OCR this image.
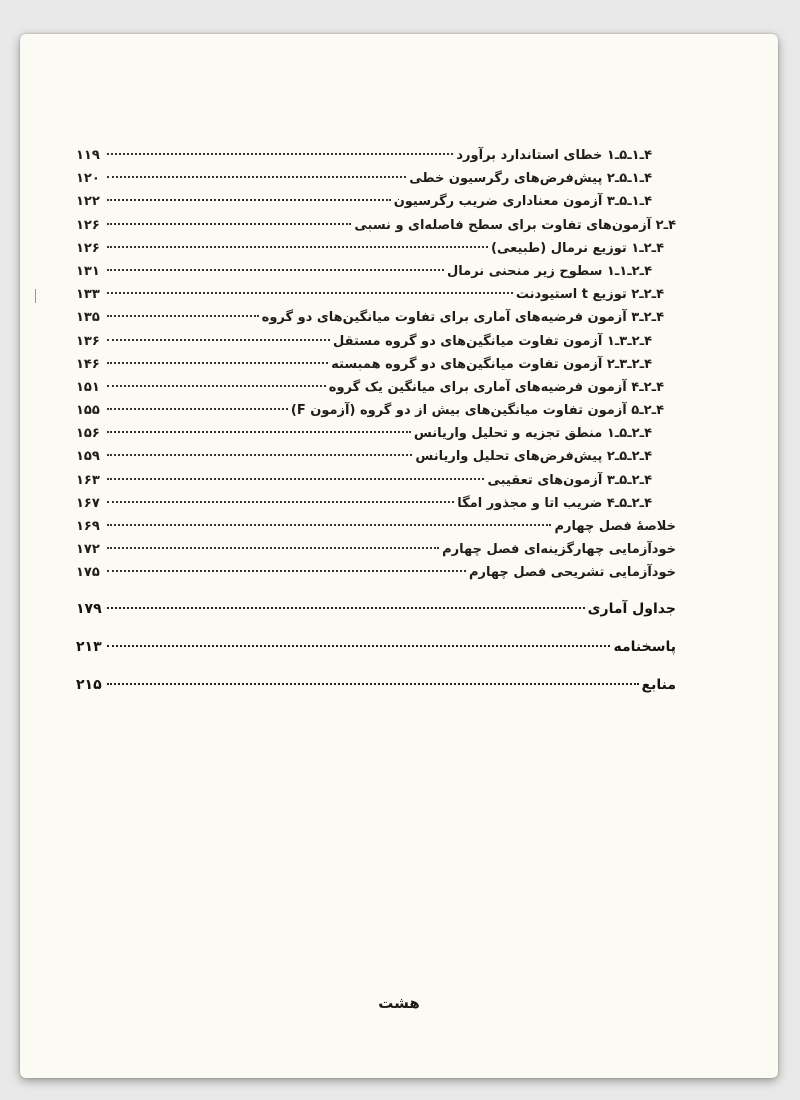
۴ـ۱ـ۵ـ۱ خطای استاندارد برآورد
۱۱۹
۴ـ۱ـ۵ـ۲ پیش‌فرض‌های رگرسیون خطی
۱۲۰
۴ـ۱ـ۵ـ۳ آزمون معناداری ضریب رگرسیون
۱۲۲
۴ـ۲ آزمون‌های تفاوت برای سطح فاصله‌ای و نسبی
۱۲۶
۴ـ۲ـ۱ توزیع نرمال (طبیعی)
۱۲۶
۴ـ۲ـ۱ـ۱ سطوح زیر منحنی نرمال
۱۳۱
۴ـ۲ـ۲ توزیع t استیودنت
۱۳۳
۴ـ۲ـ۳ آزمون فرضیه‌های آماری برای تفاوت میانگین‌های دو گروه
۱۳۵
۴ـ۲ـ۳ـ۱ آزمون تفاوت میانگین‌های دو گروه مستقل
۱۳۶
۴ـ۲ـ۳ـ۲ آزمون تفاوت میانگین‌های دو گروه همبسته
۱۴۶
۴ـ۲ـ۴ آزمون فرضیه‌های آماری برای میانگین یک گروه
۱۵۱
۴ـ۲ـ۵ آزمون تفاوت میانگین‌های بیش از دو گروه (آزمون F)
۱۵۵
۴ـ۲ـ۵ـ۱ منطق تجزیه و تحلیل واریانس
۱۵۶
۴ـ۲ـ۵ـ۲ پیش‌فرض‌های تحلیل واریانس
۱۵۹
۴ـ۲ـ۵ـ۳ آزمون‌های تعقیبی
۱۶۳
۴ـ۲ـ۵ـ۴ ضریب اتا و مجذور امگا
۱۶۷
خلاصهٔ فصل چهارم
۱۶۹
خودآزمایی چهارگزینه‌ای فصل چهارم
۱۷۲
خودآزمایی تشریحی فصل چهارم
۱۷۵
جداول آماری
۱۷۹
پاسخنامه
۲۱۳
منابع
۲۱۵
هشت
